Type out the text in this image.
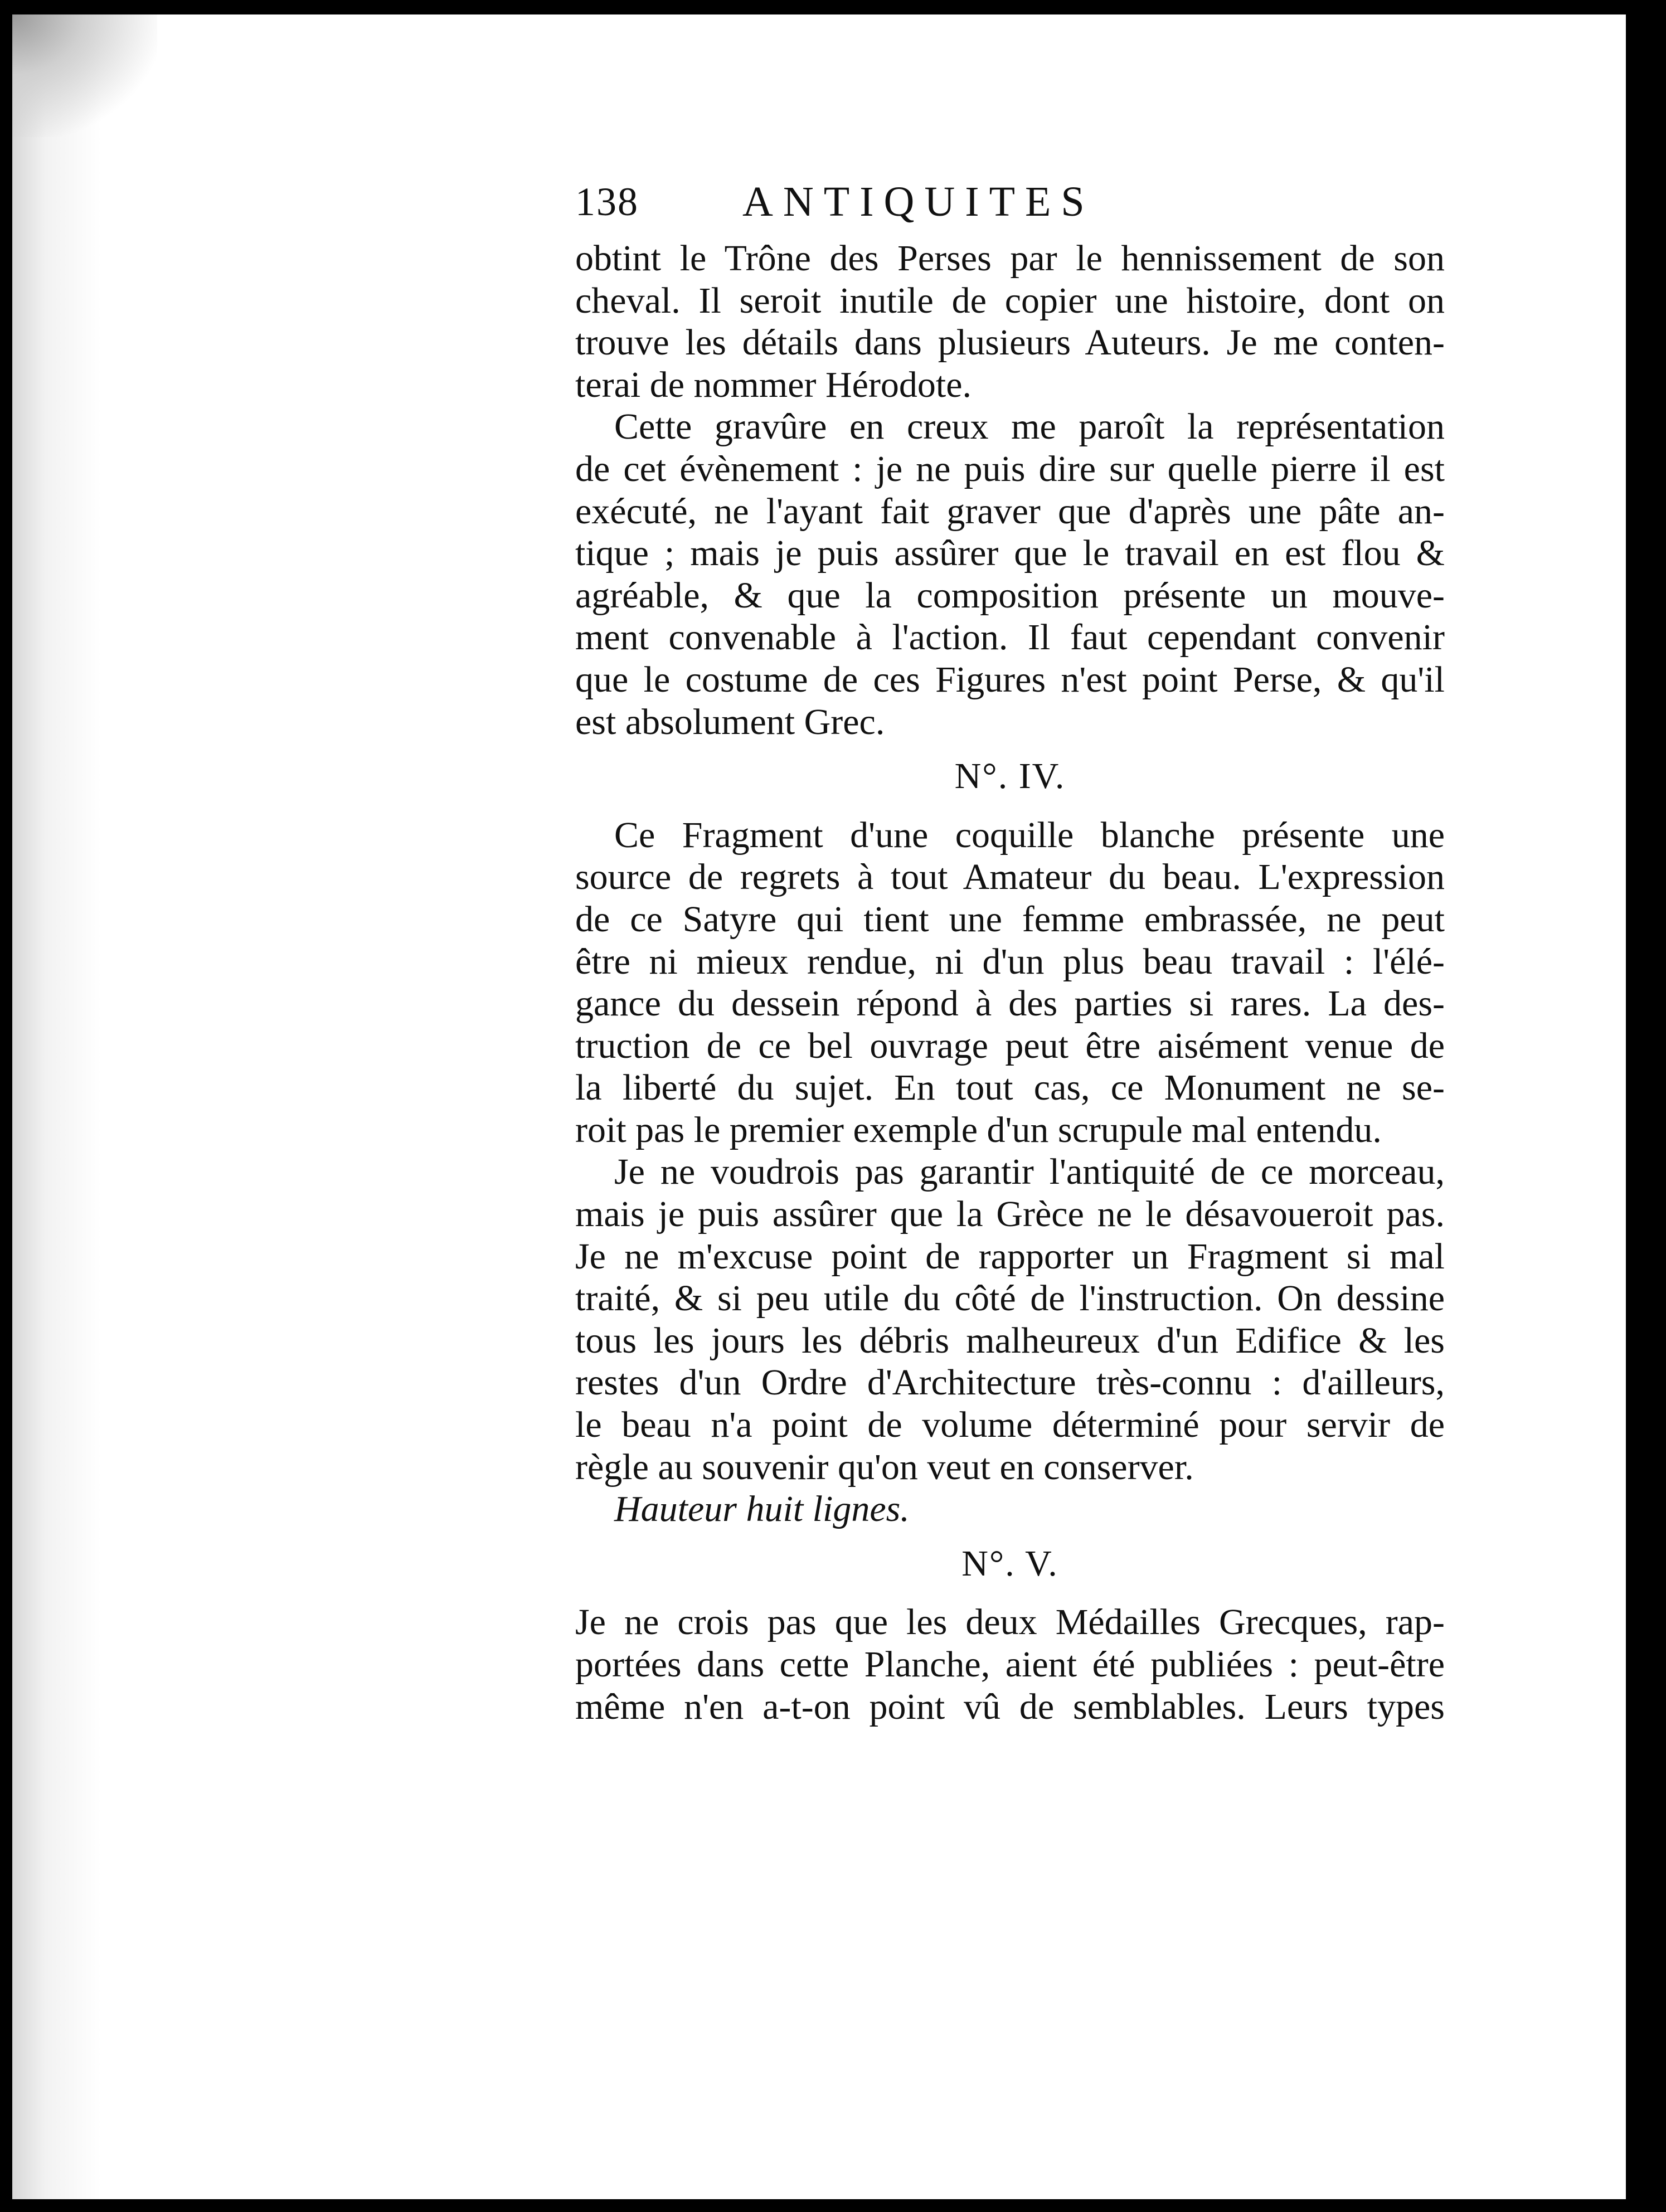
138 ANTIQUITES

obtint le Trône des Perses par le hennissement de son
cheval. Il seroit inutile de copier une histoire, dont on
trouve les détails dans plusieurs Auteurs. Je me conten-
terai de nommer Hérodote.

Cette gravûre en creux me paroît la représentation
de cet évènement : je ne puis dire sur quelle pierre il est
exécuté, ne l'ayant fait graver que d'après une pâte an-
tique ; mais je puis assûrer que le travail en est flou &
agréable, & que la composition présente un mouve-
ment convenable à l'action. Il faut cependant convenir
que le costume de ces Figures n'est point Perse, & qu'il
est absolument Grec.

N°. IV.

Ce Fragment d'une coquille blanche présente une
source de regrets à tout Amateur du beau. L'expression
de ce Satyre qui tient une femme embrassée, ne peut
être ni mieux rendue, ni d'un plus beau travail : l'élé-
gance du dessein répond à des parties si rares. La des-
truction de ce bel ouvrage peut être aisément venue de
la liberté du sujet. En tout cas, ce Monument ne se-
roit pas le premier exemple d'un scrupule mal entendu.

Je ne voudrois pas garantir l'antiquité de ce morceau,
mais je puis assûrer que la Grèce ne le désavoueroit pas.
Je ne m'excuse point de rapporter un Fragment si mal
traité, & si peu utile du côté de l'instruction. On dessine
tous les jours les débris malheureux d'un Edifice & les
restes d'un Ordre d'Architecture très-connu : d'ailleurs,
le beau n'a point de volume déterminé pour servir de
règle au souvenir qu'on veut en conserver.

Hauteur huit lignes.

N°. V.

Je ne crois pas que les deux Médailles Grecques, rap-
portées dans cette Planche, aient été publiées : peut-être
même n'en a-t-on point vû de semblables. Leurs types
